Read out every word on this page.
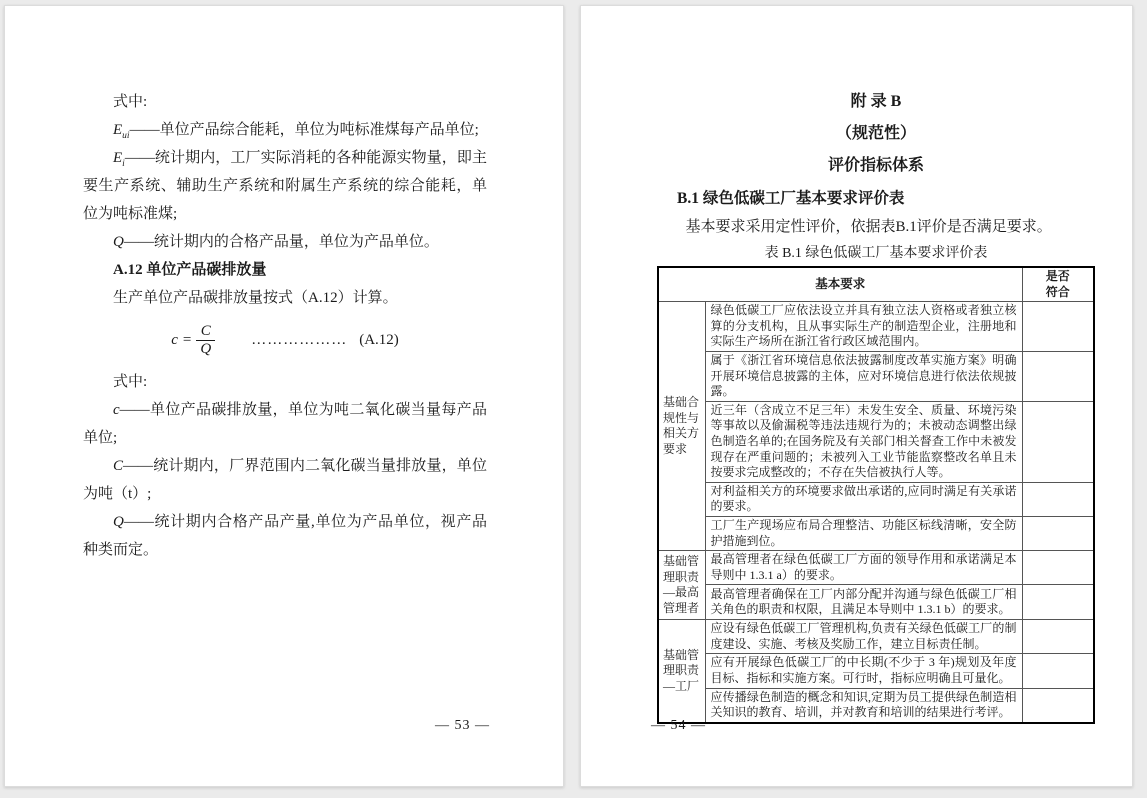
式中:

$E_{ui}——$单位产品综合能耗，单位为吨标准煤每产品单位;

$E_i——$统计期内，工厂实际消耗的各种能源实物量，即主要生产系统、辅助生产系统和附属生产系统的综合能耗，单位为吨标准煤;

Q——统计期内的合格产品量，单位为产品单位。

A.12 单位产品碳排放量

生产单位产品碳排放量按式（A.12）计算。

$c = \frac{C}{Q}$ ……………… (A.12)

式中:

c——单位产品碳排放量，单位为吨二氧化碳当量每产品单位;

C——统计期内，厂界范围内二氧化碳当量排放量，单位为吨（t）;

Q——统计期内合格产品产量,单位为产品单位，视产品种类而定。

— 53 —
附 录 B
（规范性）
评价指标体系
B.1 绿色低碳工厂基本要求评价表
基本要求采用定性评价，依据表B.1评价是否满足要求。
表 B.1 绿色低碳工厂基本要求评价表
基本要求		是否符合
基础合规性与相关方要求	绿色低碳工厂应依法设立并具有独立法人资格或者独立核算的分支机构，且从事实际生产的制造型企业，注册地和实际生产场所在浙江省行政区域范围内。	
	属于《浙江省环境信息依法披露制度改革实施方案》明确开展环境信息披露的主体，应对环境信息进行依法依规披露。	
	近三年（含成立不足三年）未发生安全、质量、环境污染等事故以及偷漏税等违法违规行为的；未被动态调整出绿色制造名单的;在国务院及有关部门相关督查工作中未被发现存在严重问题的；未被列入工业节能监察整改名单且未按要求完成整改的；不存在失信被执行人等。	
	对利益相关方的环境要求做出承诺的,应同时满足有关承诺的要求。	
	工厂生产现场应布局合理整洁、功能区标线清晰，安全防护措施到位。	
基础管理职责—最高管理者	最高管理者在绿色低碳工厂方面的领导作用和承诺满足本导则中 1.3.1 a）的要求。	
	最高管理者确保在工厂内部分配并沟通与绿色低碳工厂相关角色的职责和权限，且满足本导则中 1.3.1 b）的要求。	
基础管理职责—工厂	应设有绿色低碳工厂管理机构,负责有关绿色低碳工厂的制度建设、实施、考核及奖励工作，建立目标责任制。	
	应有开展绿色低碳工厂的中长期(不少于 3 年)规划及年度目标、指标和实施方案。可行时，指标应明确且可量化。	
	应传播绿色制造的概念和知识,定期为员工提供绿色制造相关知识的教育、培训，并对教育和培训的结果进行考评。	
— 54 —
